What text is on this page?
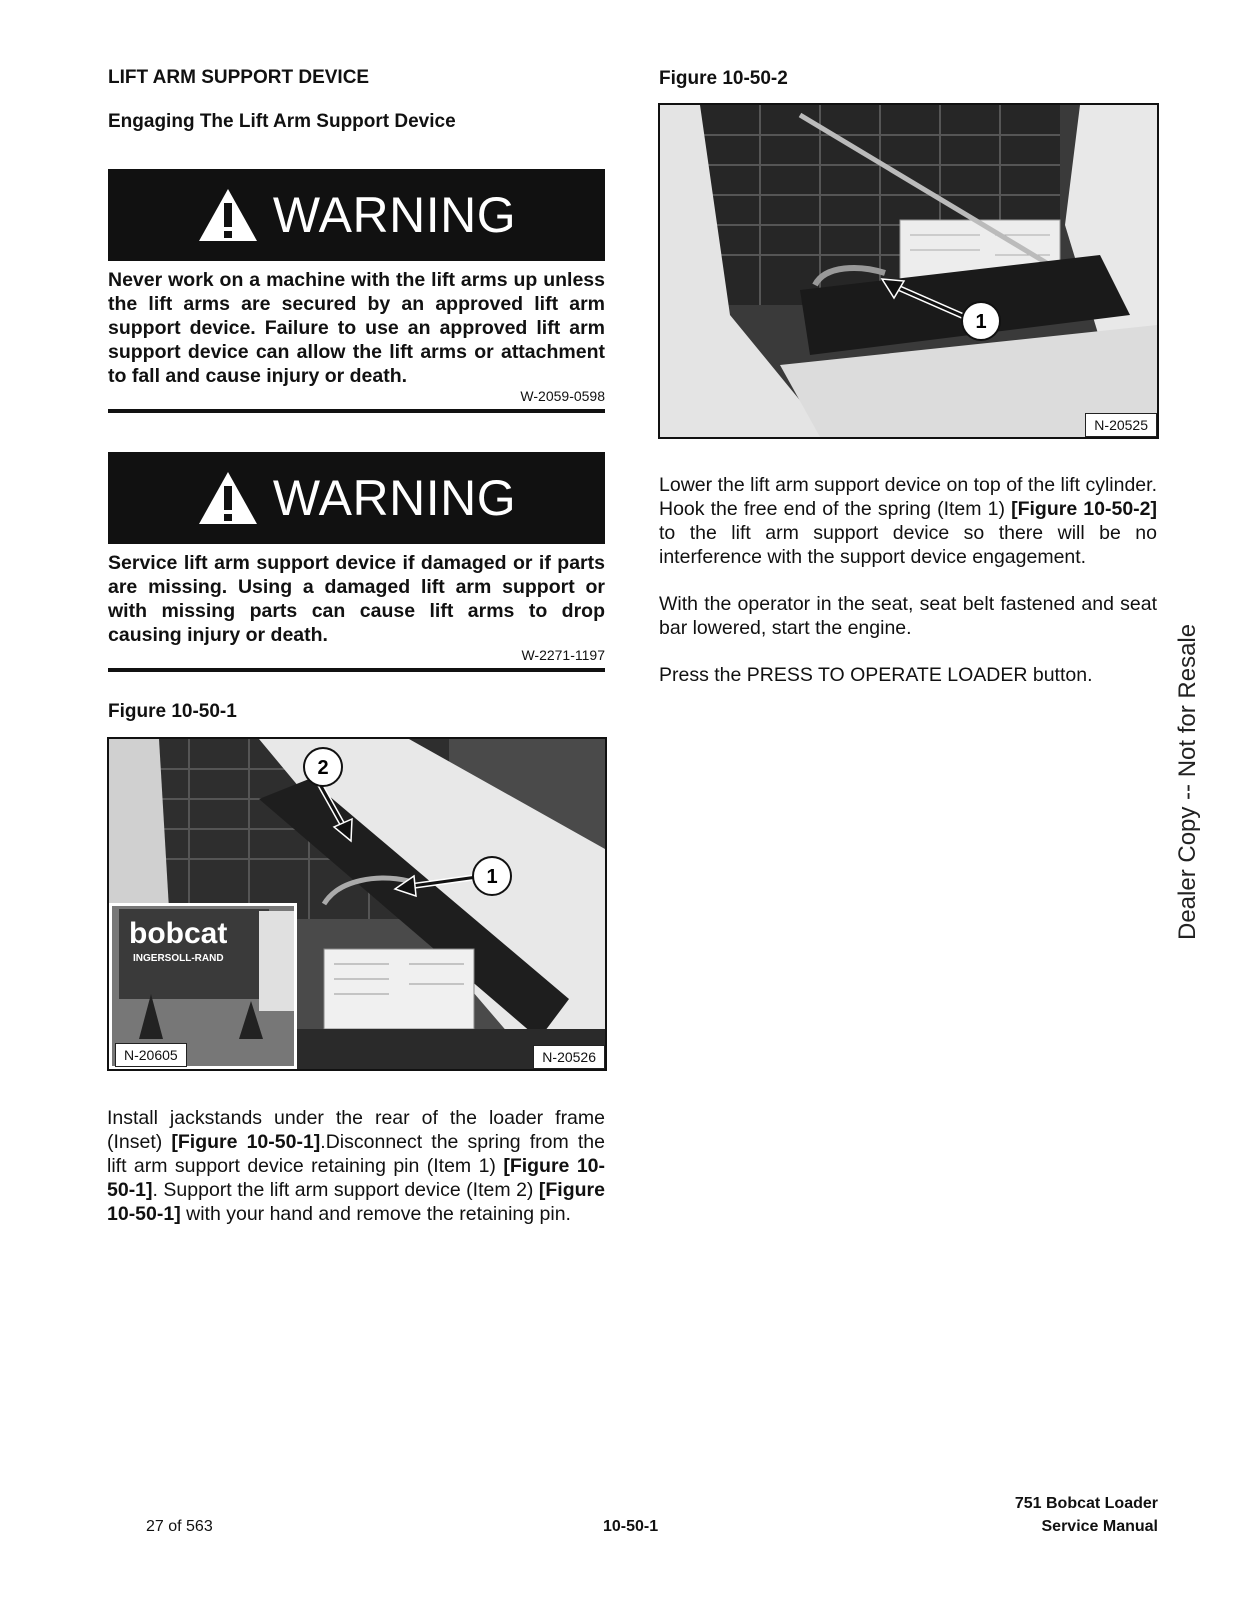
LIFT ARM SUPPORT DEVICE
Engaging The Lift Arm Support Device
WARNING
Never work on a machine with the lift arms up unless the lift arms are secured by an approved lift arm support device. Failure to use an approved lift arm support device can allow the lift arms or attachment to fall and cause injury or death.
W-2059-0598
WARNING
Service lift arm support device if damaged or if parts are missing. Using a damaged lift arm support or with missing parts can cause lift arms to drop causing injury or death.
W-2271-1197
Figure 10-50-1
2
1
bobcat
INGERSOLL-RAND
N-20605	N-20526
Install jackstands under the rear of the loader frame (Inset) [Figure 10-50-1].Disconnect the spring from the lift arm support device retaining pin (Item 1) [Figure 10-50-1]. Support the lift arm support device (Item 2) [Figure 10-50-1] with your hand and remove the retaining pin.
Figure 10-50-2
1
N-20525
Lower the lift arm support device on top of the lift cylinder. Hook the free end of the spring (Item 1) [Figure 10-50-2] to the lift arm support device so there will be no interference with the support device engagement.
With the operator in the seat, seat belt fastened and seat bar lowered, start the engine.
Press the PRESS TO OPERATE LOADER button.	Dealer Copy -- Not for Resale
27 of 563	10-50-1
751 Bobcat Loader
Service Manual
